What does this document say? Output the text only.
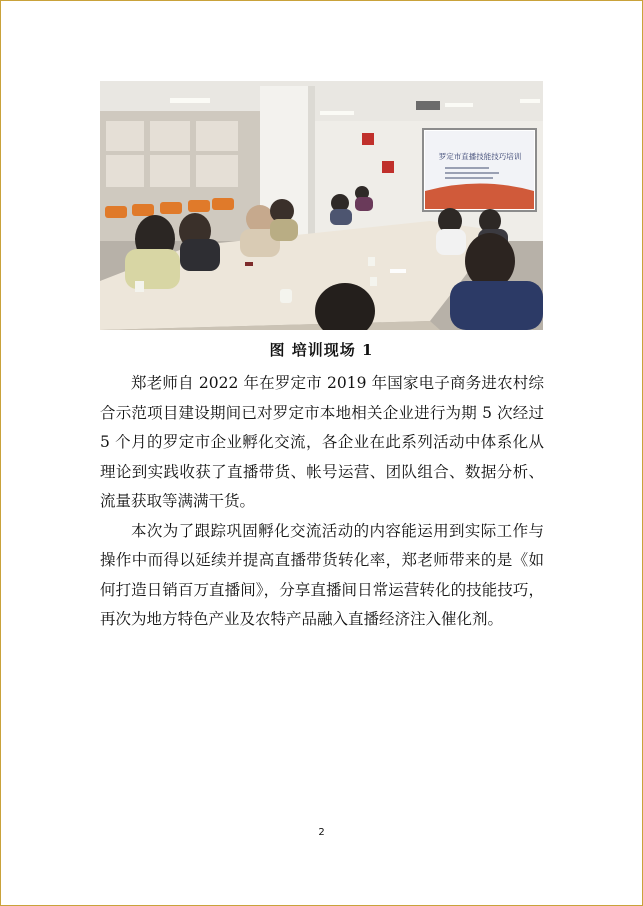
罗定市直播技能技巧培训
图 培训现场 1

郑老师自 2022 年在罗定市 2019 年国家电子商务进农村综合示范项目建设期间已对罗定市本地相关企业进行为期 5 次经过 5 个月的罗定市企业孵化交流，各企业在此系列活动中体系化从理论到实践收获了直播带货、帐号运营、团队组合、数据分析、流量获取等满满干货。

本次为了跟踪巩固孵化交流活动的内容能运用到实际工作与操作中而得以延续并提高直播带货转化率，郑老师带来的是《如何打造日销百万直播间》，分享直播间日常运营转化的技能技巧，再次为地方特色产业及农特产品融入直播经济注入催化剂。

2
